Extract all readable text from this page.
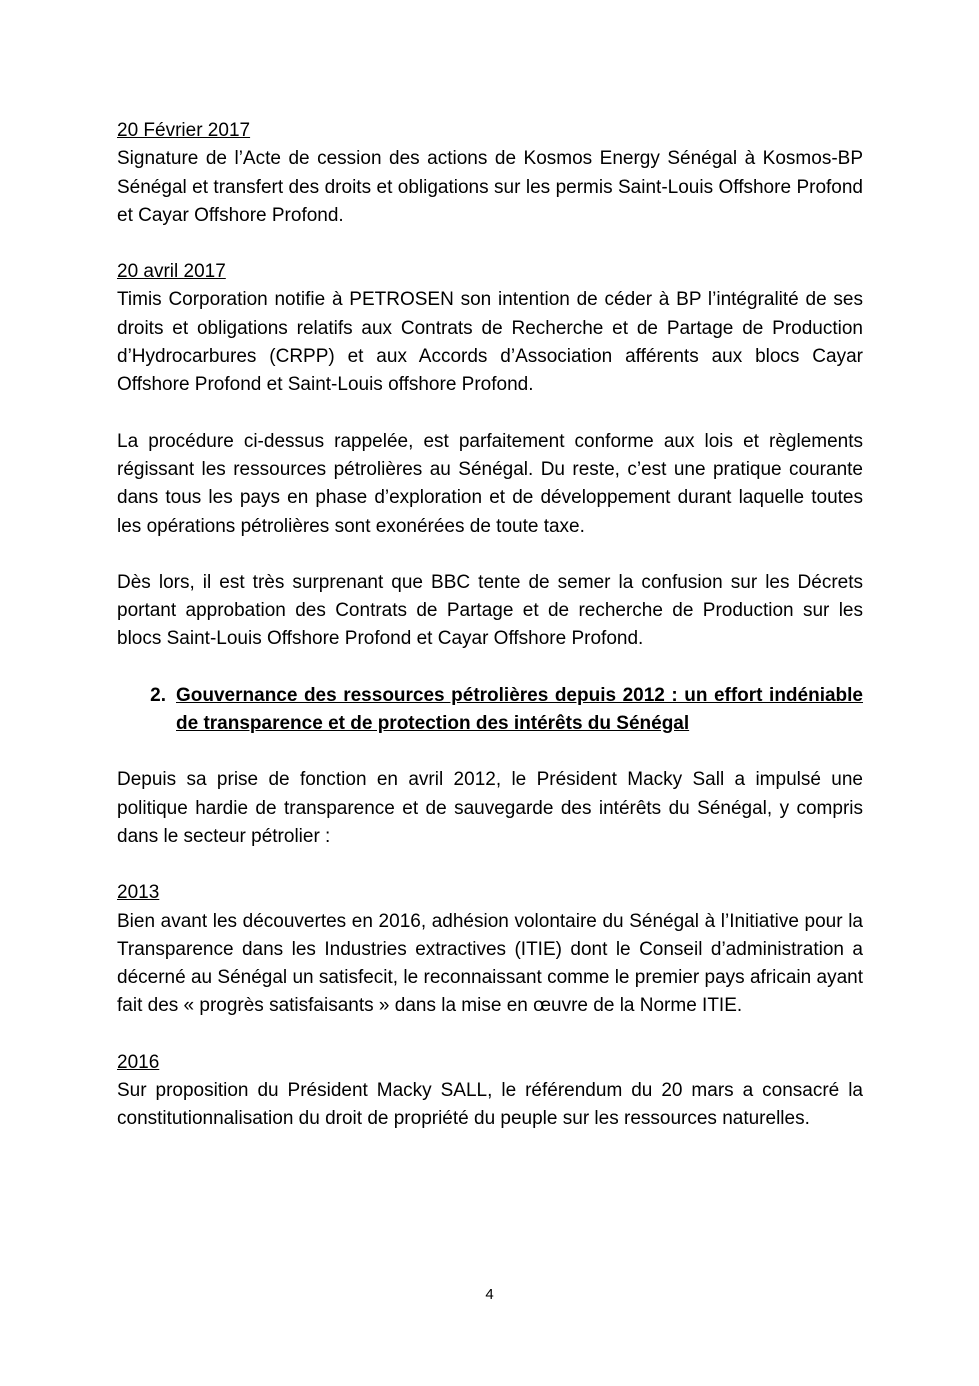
20 Février 2017

Signature de l’Acte de cession des actions de Kosmos Energy Sénégal à Kosmos-BP Sénégal et transfert des droits et obligations sur les permis Saint-Louis Offshore Profond et Cayar Offshore Profond.

20 avril 2017

Timis Corporation notifie à PETROSEN son intention de céder à BP l’intégralité de ses droits et obligations relatifs aux Contrats de Recherche et de Partage de Production d’Hydrocarbures (CRPP) et aux Accords d’Association afférents aux blocs Cayar Offshore Profond et Saint-Louis offshore Profond.

La procédure ci-dessus rappelée, est parfaitement conforme aux lois et règlements régissant les ressources pétrolières au Sénégal. Du reste, c’est une pratique courante dans tous les pays en phase d’exploration et de développement durant laquelle toutes les opérations pétrolières sont exonérées de toute taxe.

Dès lors, il est très surprenant que BBC tente de semer la confusion sur les Décrets portant approbation des Contrats de Partage et de recherche de Production sur les blocs Saint-Louis Offshore Profond et Cayar Offshore Profond.

2. Gouvernance des ressources pétrolières depuis 2012 : un effort indéniable de transparence et de protection des intérêts du Sénégal

Depuis sa prise de fonction en avril 2012, le Président Macky Sall a impulsé une politique hardie de transparence et de sauvegarde des intérêts du Sénégal, y compris dans le secteur pétrolier :

2013

Bien avant les découvertes en 2016, adhésion volontaire du Sénégal à l’Initiative pour la Transparence dans les Industries extractives (ITIE) dont le Conseil d’administration a décerné au Sénégal un satisfecit, le reconnaissant comme le premier pays africain ayant fait des « progrès satisfaisants » dans la mise en œuvre de la Norme ITIE.

2016

Sur proposition du Président Macky SALL, le référendum du 20 mars a consacré la constitutionnalisation du droit de propriété du peuple sur les ressources naturelles.

4
